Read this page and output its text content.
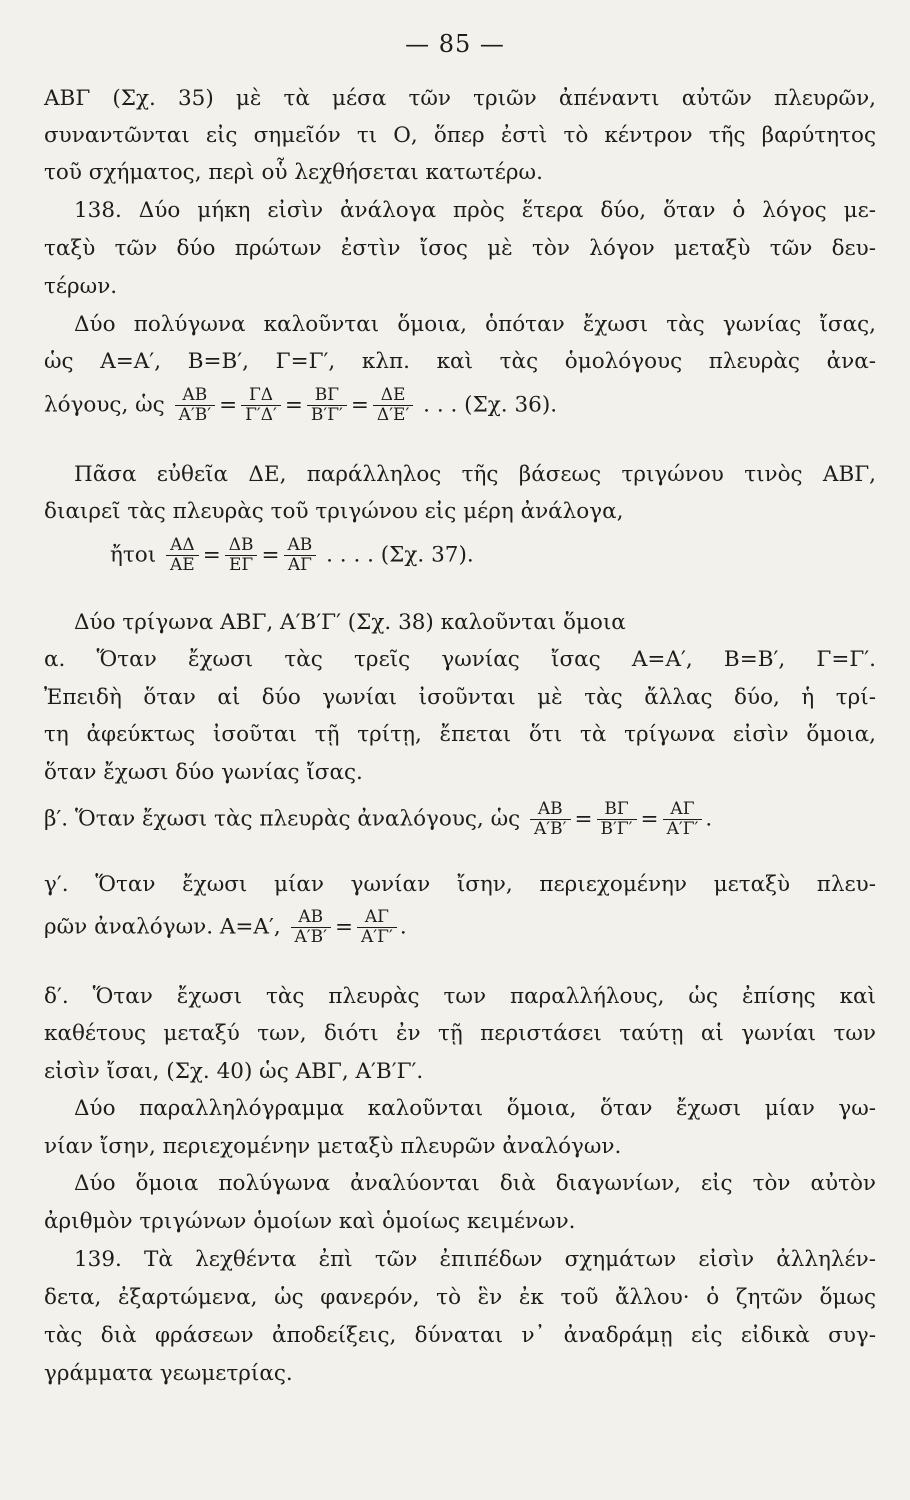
— 85 —
ΑΒΓ (Σχ. 35) μὲ τὰ μέσα τῶν τριῶν ἀπέναντι αὐτῶν πλευρῶν,
συναντῶνται εἰς σημεῖόν τι Ο, ὅπερ ἐστὶ τὸ κέντρον τῆς βαρύτητος
τοῦ σχήματος, περὶ οὗ λεχθήσεται κατωτέρω.
138. Δύο μήκη εἰσὶν ἀνάλογα πρὸς ἕτερα δύο, ὅταν ὁ λόγος με-
ταξὺ τῶν δύο πρώτων ἐστὶν ἴσος μὲ τὸν λόγον μεταξὺ τῶν δευ-
τέρων.
Δύο πολύγωνα καλοῦνται ὅμοια, ὁπόταν ἔχωσι τὰς γωνίας ἴσας,
ὡς Α=Α′, Β=Β′, Γ=Γ′, κλπ. καὶ τὰς ὁμολόγους πλευρὰς ἀνα-
Πᾶσα εὐθεῖα ΔΕ, παράλληλος τῆς βάσεως τριγώνου τινὸς ΑΒΓ,
διαιρεῖ τὰς πλευρὰς τοῦ τριγώνου εἰς μέρη ἀνάλογα,
Δύο τρίγωνα ΑΒΓ, Α′Β′Γ′ (Σχ. 38) καλοῦνται ὅμοια
α. Ὅταν ἔχωσι τὰς τρεῖς γωνίας ἴσας Α=Α′, Β=Β′, Γ=Γ′.
Ἐπειδὴ ὅταν αἱ δύο γωνίαι ἰσοῦνται μὲ τὰς ἄλλας δύο, ἡ τρί-
τη ἀφεύκτως ἰσοῦται τῇ τρίτῃ, ἔπεται ὅτι τὰ τρίγωνα εἰσὶν ὅμοια,
ὅταν ἔχωσι δύο γωνίας ἴσας.
γ′. Ὅταν ἔχωσι μίαν γωνίαν ἴσην, περιεχομένην μεταξὺ πλευ-
δ′. Ὅταν ἔχωσι τὰς πλευρὰς των παραλλήλους, ὡς ἐπίσης καὶ
καθέτους μεταξύ των, διότι ἐν τῇ περιστάσει ταύτῃ αἱ γωνίαι των
εἰσὶν ἴσαι, (Σχ. 40) ὡς ΑΒΓ, Α′Β′Γ′.
Δύο παραλληλόγραμμα καλοῦνται ὅμοια, ὅταν ἔχωσι μίαν γω-
νίαν ἴσην, περιεχομένην μεταξὺ πλευρῶν ἀναλόγων.
Δύο ὅμοια πολύγωνα ἀναλύονται διὰ διαγωνίων, εἰς τὸν αὐτὸν
ἀριθμὸν τριγώνων ὁμοίων καὶ ὁμοίως κειμένων.
139. Τὰ λεχθέντα ἐπὶ τῶν ἐπιπέδων σχημάτων εἰσὶν ἀλληλέν-
δετα, ἐξαρτώμενα, ὡς φανερόν, τὸ ἓν ἐκ τοῦ ἄλλου· ὁ ζητῶν ὅμως
τὰς διὰ φράσεων ἀποδείξεις, δύναται ν᾽ ἀναδράμῃ εἰς εἰδικὰ συγ-
γράμματα γεωμετρίας.
λόγους, ὡς $\frac{AB}{A'B'} = \frac{\Gamma\Delta}{\Gamma'\Delta'} = \frac{B\Gamma}{B'\Gamma'} = \frac{\Delta E}{\Delta'E'}$ . . . (Σχ. 36).
ἤτοι $\frac{A\Delta}{AE} = \frac{\Delta B}{E\Gamma} = \frac{AB}{A\Gamma}$ . . . . (Σχ. 37).
β′. Ὅταν ἔχωσι τὰς πλευρὰς ἀναλόγους, ὡς $\frac{AB}{A'B'} = \frac{B\Gamma}{B'\Gamma'} = \frac{A\Gamma}{A'\Gamma'}$ .
ρῶν ἀναλόγων. Α=Α′, $\frac{AB}{A'B'} = \frac{A\Gamma}{A'\Gamma'}$ .
